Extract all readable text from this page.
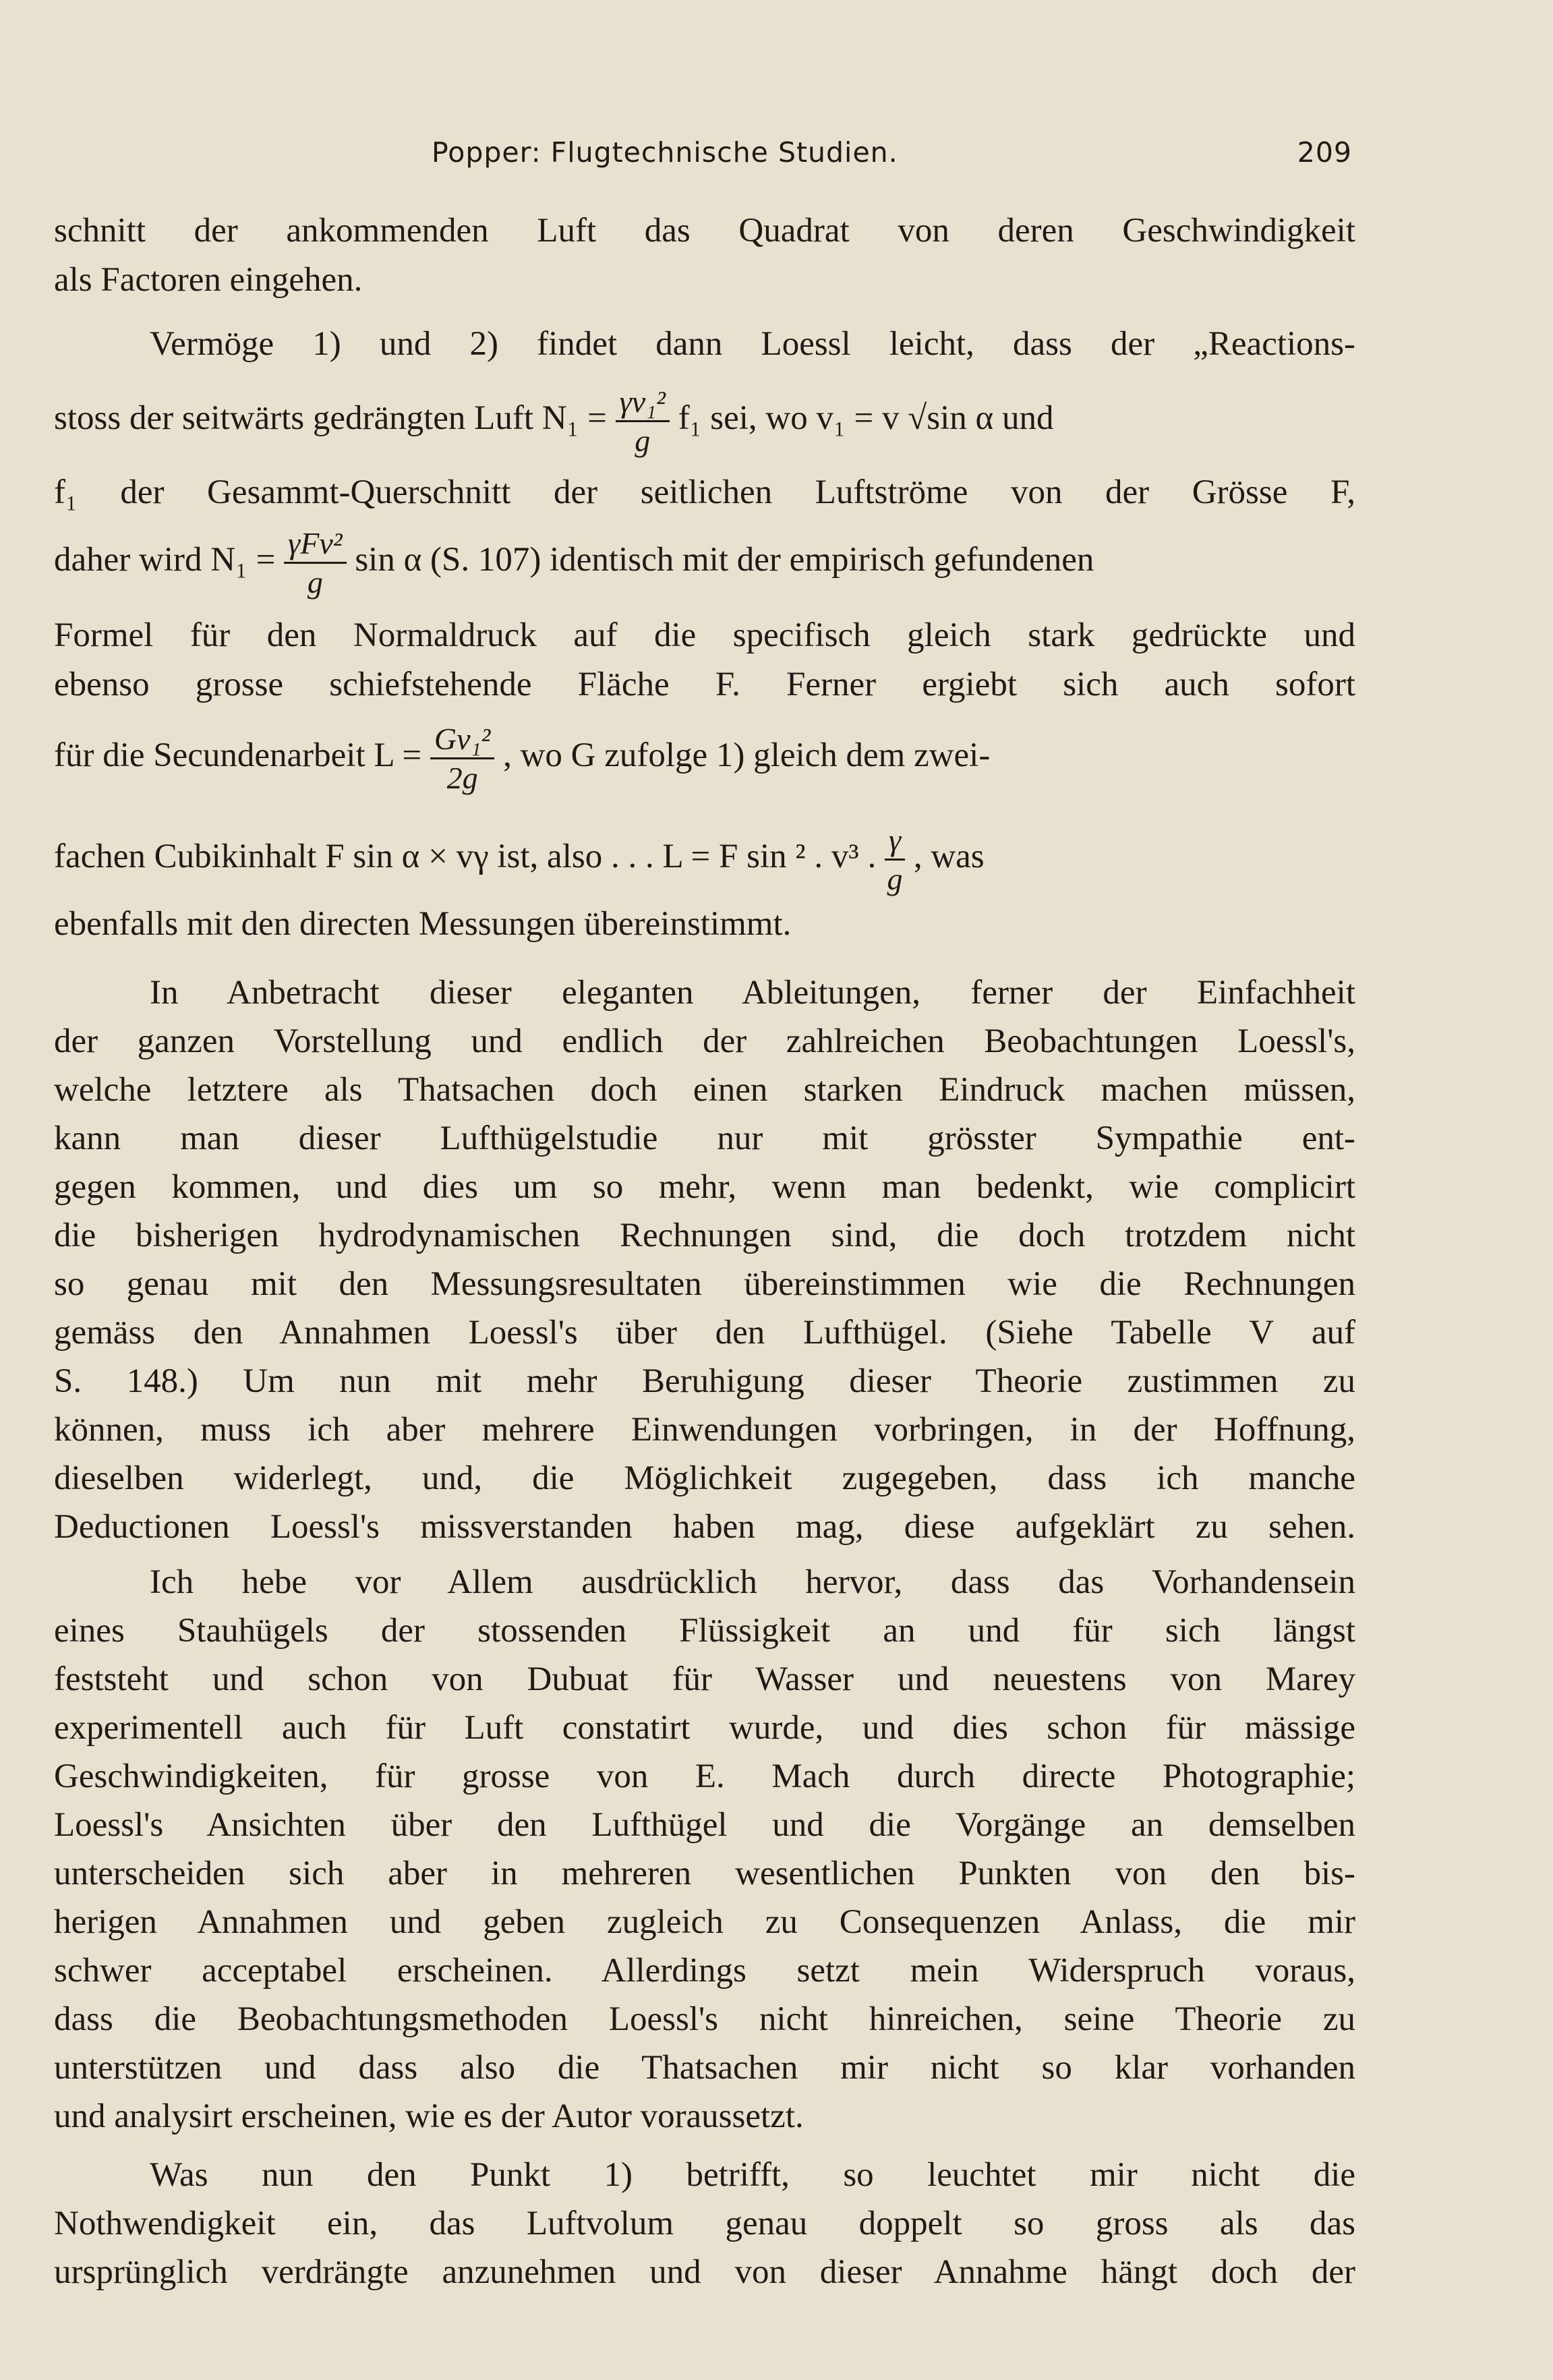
Popper: Flugtechnische Studien.	209
schnitt der ankommenden Luft das Quadrat von deren Geschwindigkeit
als Factoren eingehen.
Vermöge 1) und 2) findet dann Loessl leicht, dass der „Reactions-
stoss der seitwärts gedrängten Luft $N_1 = \frac{\text{γv₁²}}{g} f_1$ sei, wo v₁ = v √sin α und
f₁ der Gesammt-Querschnitt der seitlichen Luftströme von der Grösse F,
daher wird $N_1 = \frac{\text{γFv²}}{g}$ sin α (S. 107) identisch mit der empirisch gefundenen
Formel für den Normaldruck auf die specifisch gleich stark gedrückte und
ebenso grosse schiefstehende Fläche F. Ferner ergiebt sich auch sofort
für die Secundenarbeit $L = \frac{\text{Gv₁²}}{2g}$ , wo G zufolge 1) gleich dem zwei-
fachen Cubikinhalt F sin α × vγ ist, also . . . L = F sin ² . v³ . $\frac{\gamma}{g}$ , was
ebenfalls mit den directen Messungen übereinstimmt.
In Anbetracht dieser eleganten Ableitungen, ferner der Einfachheit
der ganzen Vorstellung und endlich der zahlreichen Beobachtungen Loessl's,
welche letztere als Thatsachen doch einen starken Eindruck machen müssen,
kann man dieser Lufthügelstudie nur mit grösster Sympathie ent-
gegen kommen, und dies um so mehr, wenn man bedenkt, wie complicirt
die bisherigen hydrodynamischen Rechnungen sind, die doch trotzdem nicht
so genau mit den Messungsresultaten übereinstimmen wie die Rechnungen
gemäss den Annahmen Loessl's über den Lufthügel. (Siehe Tabelle V auf
S. 148.) Um nun mit mehr Beruhigung dieser Theorie zustimmen zu
können, muss ich aber mehrere Einwendungen vorbringen, in der Hoffnung,
dieselben widerlegt, und, die Möglichkeit zugegeben, dass ich manche
Deductionen Loessl's missverstanden haben mag, diese aufgeklärt zu sehen.
Ich hebe vor Allem ausdrücklich hervor, dass das Vorhandensein
eines Stauhügels der stossenden Flüssigkeit an und für sich längst
feststeht und schon von Dubuat für Wasser und neuestens von Marey
experimentell auch für Luft constatirt wurde, und dies schon für mässige
Geschwindigkeiten, für grosse von E. Mach durch directe Photographie;
Loessl's Ansichten über den Lufthügel und die Vorgänge an demselben
unterscheiden sich aber in mehreren wesentlichen Punkten von den bis-
herigen Annahmen und geben zugleich zu Consequenzen Anlass, die mir
schwer acceptabel erscheinen. Allerdings setzt mein Widerspruch voraus,
dass die Beobachtungsmethoden Loessl's nicht hinreichen, seine Theorie zu
unterstützen und dass also die Thatsachen mir nicht so klar vorhanden
und analysirt erscheinen, wie es der Autor voraussetzt.
Was nun den Punkt 1) betrifft, so leuchtet mir nicht die
Nothwendigkeit ein, das Luftvolum genau doppelt so gross als das
ursprünglich verdrängte anzunehmen und von dieser Annahme hängt doch der
